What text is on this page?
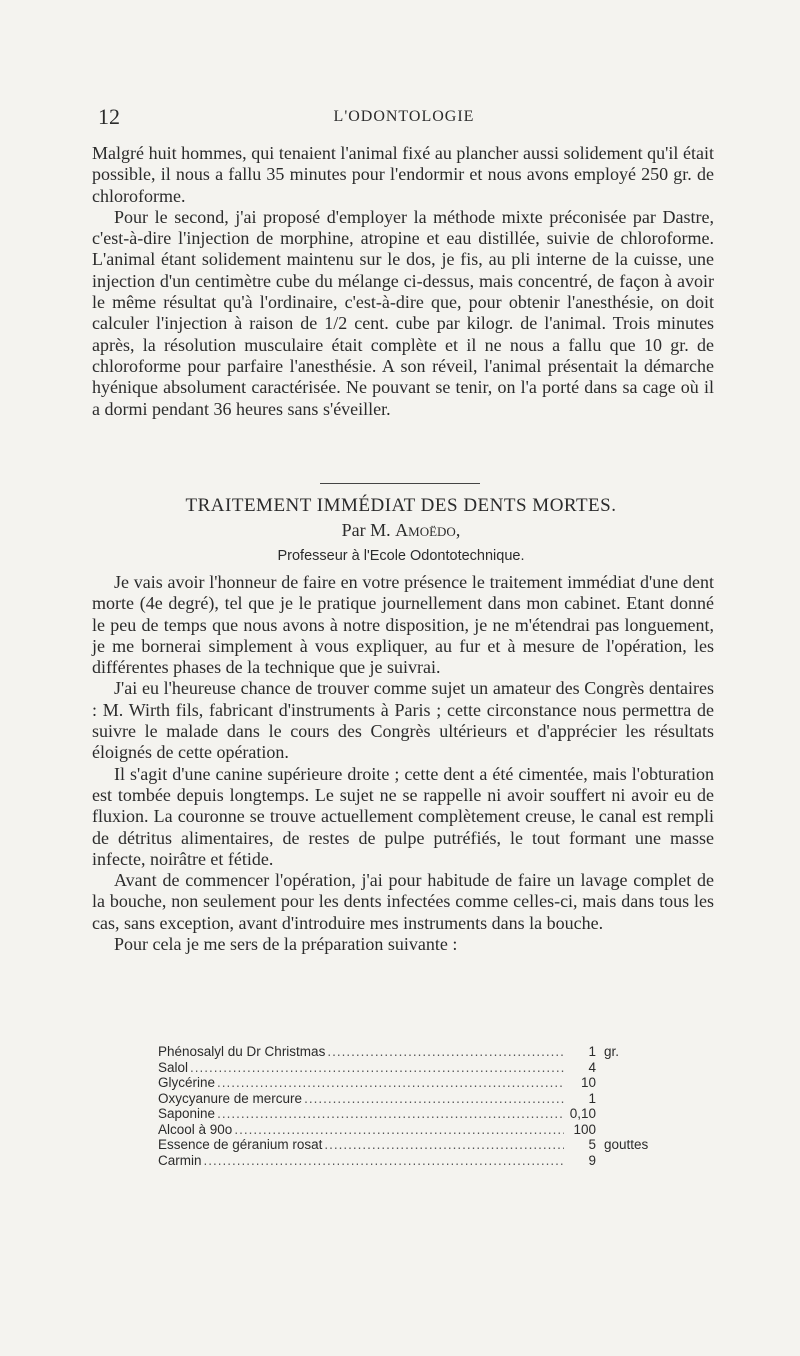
12	L'ODONTOLOGIE

Malgré huit hommes, qui tenaient l'animal fixé au plancher aussi solidement qu'il était possible, il nous a fallu 35 minutes pour l'endormir et nous avons employé 250 gr. de chloroforme.

Pour le second, j'ai proposé d'employer la méthode mixte préconisée par Dastre, c'est-à-dire l'injection de morphine, atropine et eau distillée, suivie de chloroforme. L'animal étant solidement maintenu sur le dos, je fis, au pli interne de la cuisse, une injection d'un centimètre cube du mélange ci-dessus, mais concentré, de façon à avoir le même résultat qu'à l'ordinaire, c'est-à-dire que, pour obtenir l'anesthésie, on doit calculer l'injection à raison de 1/2 cent. cube par kilogr. de l'animal. Trois minutes après, la résolution musculaire était complète et il ne nous a fallu que 10 gr. de chloroforme pour parfaire l'anesthésie. A son réveil, l'animal présentait la démarche hyénique absolument caractérisée. Ne pouvant se tenir, on l'a porté dans sa cage où il a dormi pendant 36 heures sans s'éveiller.

TRAITEMENT IMMÉDIAT DES DENTS MORTES.
Par M. Amoëdo,
Professeur à l'Ecole Odontotechnique.

Je vais avoir l'honneur de faire en votre présence le traitement immédiat d'une dent morte (4e degré), tel que je le pratique journellement dans mon cabinet. Etant donné le peu de temps que nous avons à notre disposition, je ne m'étendrai pas longuement, je me bornerai simplement à vous expliquer, au fur et à mesure de l'opération, les différentes phases de la technique que je suivrai.

J'ai eu l'heureuse chance de trouver comme sujet un amateur des Congrès dentaires : M. Wirth fils, fabricant d'instruments à Paris ; cette circonstance nous permettra de suivre le malade dans le cours des Congrès ultérieurs et d'apprécier les résultats éloignés de cette opération.

Il s'agit d'une canine supérieure droite ; cette dent a été cimentée, mais l'obturation est tombée depuis longtemps. Le sujet ne se rappelle ni avoir souffert ni avoir eu de fluxion. La couronne se trouve actuellement complètement creuse, le canal est rempli de détritus alimentaires, de restes de pulpe putréfiés, le tout formant une masse infecte, noirâtre et fétide.

Avant de commencer l'opération, j'ai pour habitude de faire un lavage complet de la bouche, non seulement pour les dents infectées comme celles-ci, mais dans tous les cas, sans exception, avant d'introduire mes instruments dans la bouche.

Pour cela je me sers de la préparation suivante :

Phénosalyl du Dr Christmas .....	1 gr.
Salol .....	4
Glycérine .....	10
Oxycyanure de mercure .....	1
Saponine .....	0,10
Alcool à 90o .....	100
Essence de géranium rosat .....	5 gouttes
Carmin .....	9
